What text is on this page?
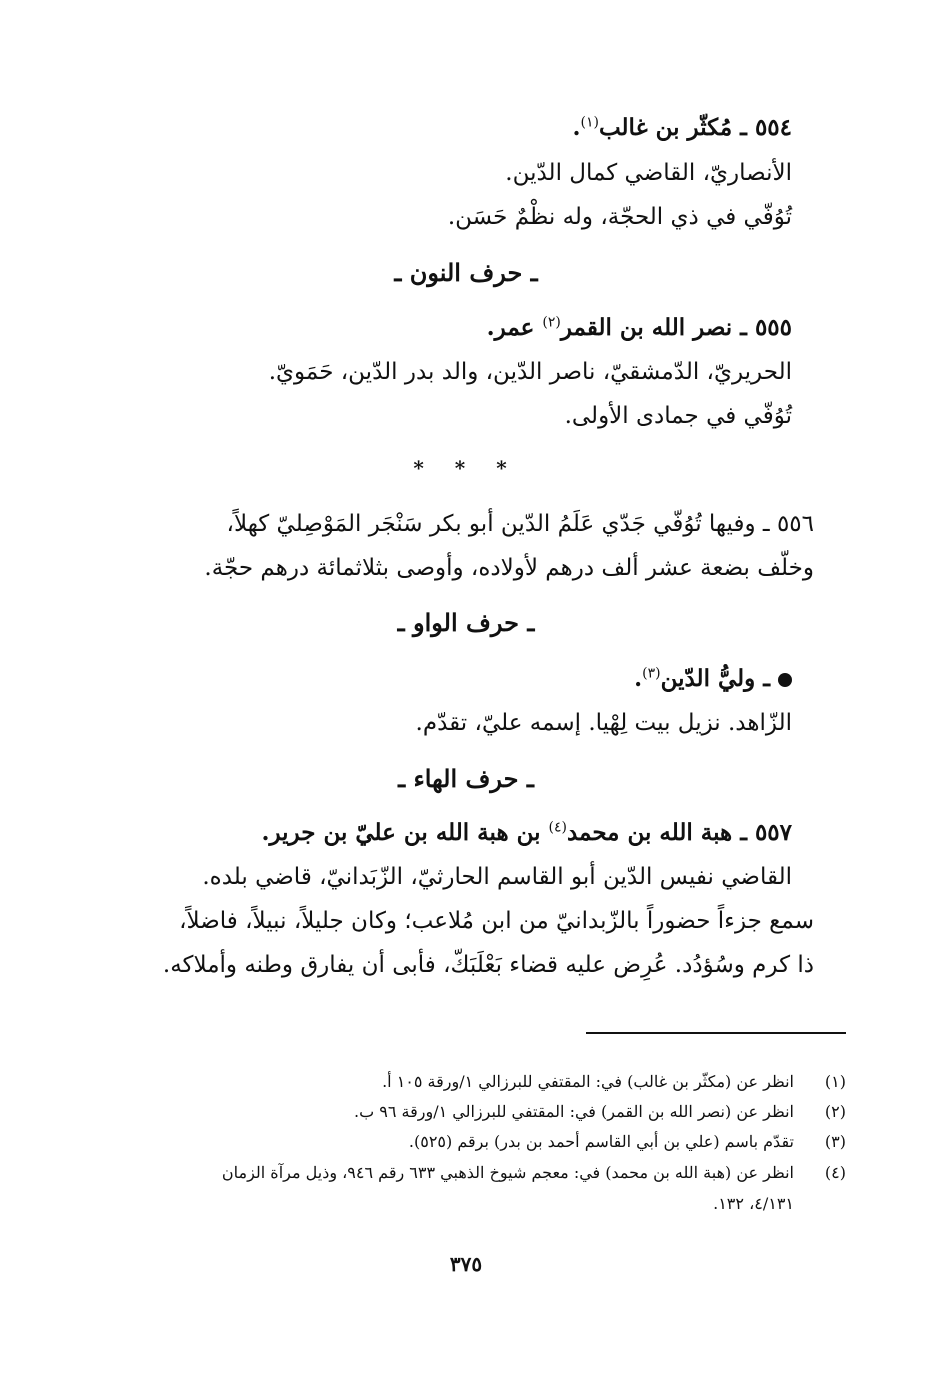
٥٥٤ ـ مُكثّر بن غالب$^{(١)}$.
الأنصاريّ، القاضي كمال الدّين.
تُوُفّي في ذي الحجّة، وله نظْمٌ حَسَن.
ـ حرف النون ـ
٥٥٥ ـ نصر الله بن القمر$^{(٢)}$ عمر.
الحريريّ، الدّمشقيّ، ناصر الدّين، والد بدر الدّين، حَمَويّ.
تُوُفّي في جمادى الأولى.
* * *
٥٥٦ ـ وفيها تُوُفّي جَدّي عَلَمُ الدّين أبو بكر سَنْجَر المَوْصِليّ كهلاً،
وخلّف بضعة عشر ألف درهم لأولاده، وأوصى بثلاثمائة درهم حجّة.
ـ حرف الواو ـ
ـ وليُّ الدّين$^{(٣)}$.
الزّاهد. نزيل بيت لِهْيا. إسمه عليّ، تقدّم.
ـ حرف الهاء ـ
٥٥٧ ـ هبة الله بن محمد$^{(٤)}$ بن هبة الله بن عليّ بن جرير.
القاضي نفيس الدّين أبو القاسم الحارثيّ، الزّبَدانيّ، قاضي بلده.
سمع جزءاً حضوراً بالزّبدانيّ من ابن مُلاعب؛ وكان جليلاً، نبيلاً، فاضلاً،
ذا كرم وسُؤدُد. عُرِض عليه قضاء بَعْلَبَكّ، فأبى أن يفارق وطنه وأملاكه.
(١)انظر عن (مكثّر بن غالب) في: المقتفي للبرزالي ١/ورقة ١٠٥ أ.
(٢)انظر عن (نصر الله بن القمر) في: المقتفي للبرزالي ١/ورقة ٩٦ ب.
(٣)تقدّم باسم (علي بن أبي القاسم أحمد بن بدر) برقم (٥٢٥).
(٤)انظر عن (هبة الله بن محمد) في: معجم شيوخ الذهبي ٦٣٣ رقم ٩٤٦، وذيل مرآة الزمان
٤/١٣١، ١٣٢.
٣٧٥
